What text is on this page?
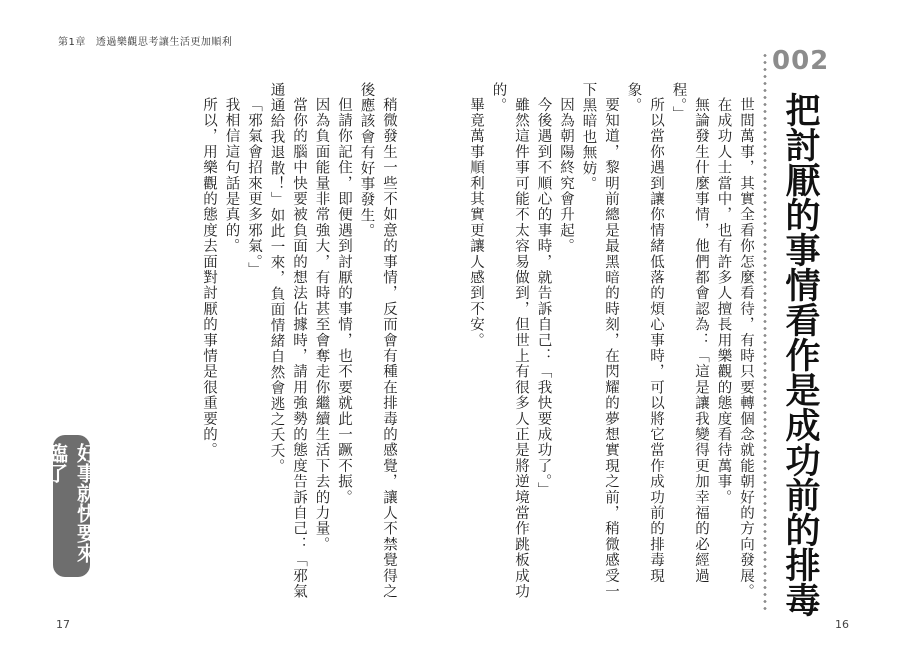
第1章 透過樂觀思考讓生活更加順利
002
把討厭的事情看作是成功前的排毒

世間萬事，其實全看你怎麼看待，有時只要轉個念就能朝好的方向發展。

在成功人士當中，也有許多人擅長用樂觀的態度看待萬事。

無論發生什麼事情，他們都會認為：「這是讓我變得更加幸福的必經過程。」

所以當你遇到讓你情緒低落的煩心事時，可以將它當作成功前的排毒現象。

要知道，黎明前總是最黑暗的時刻，在閃耀的夢想實現之前，稍微感受一下黑暗也無妨。

因為朝陽終究會升起。

今後遇到不順心的事時，就告訴自己：「我快要成功了。」

雖然這件事可能不太容易做到，但世上有很多人正是將逆境當作跳板成功的。

畢竟萬事順利其實更讓人感到不安。

稍微發生一些不如意的事情，反而會有種在排毒的感覺，讓人不禁覺得之後應該會有好事發生。

但請你記住，即便遇到討厭的事情，也不要就此一蹶不振。

因為負面能量非常強大，有時甚至會奪走你繼續生活下去的力量。

當你的腦中快要被負面的想法佔據時，請用強勢的態度告訴自己：「邪氣通通給我退散！」如此一來，負面情緒自然會逃之夭夭。

「邪氣會招來更多邪氣。」

我相信這句話是真的。

所以，用樂觀的態度去面對討厭的事情是很重要的。

好事就快要來臨了
17	16
